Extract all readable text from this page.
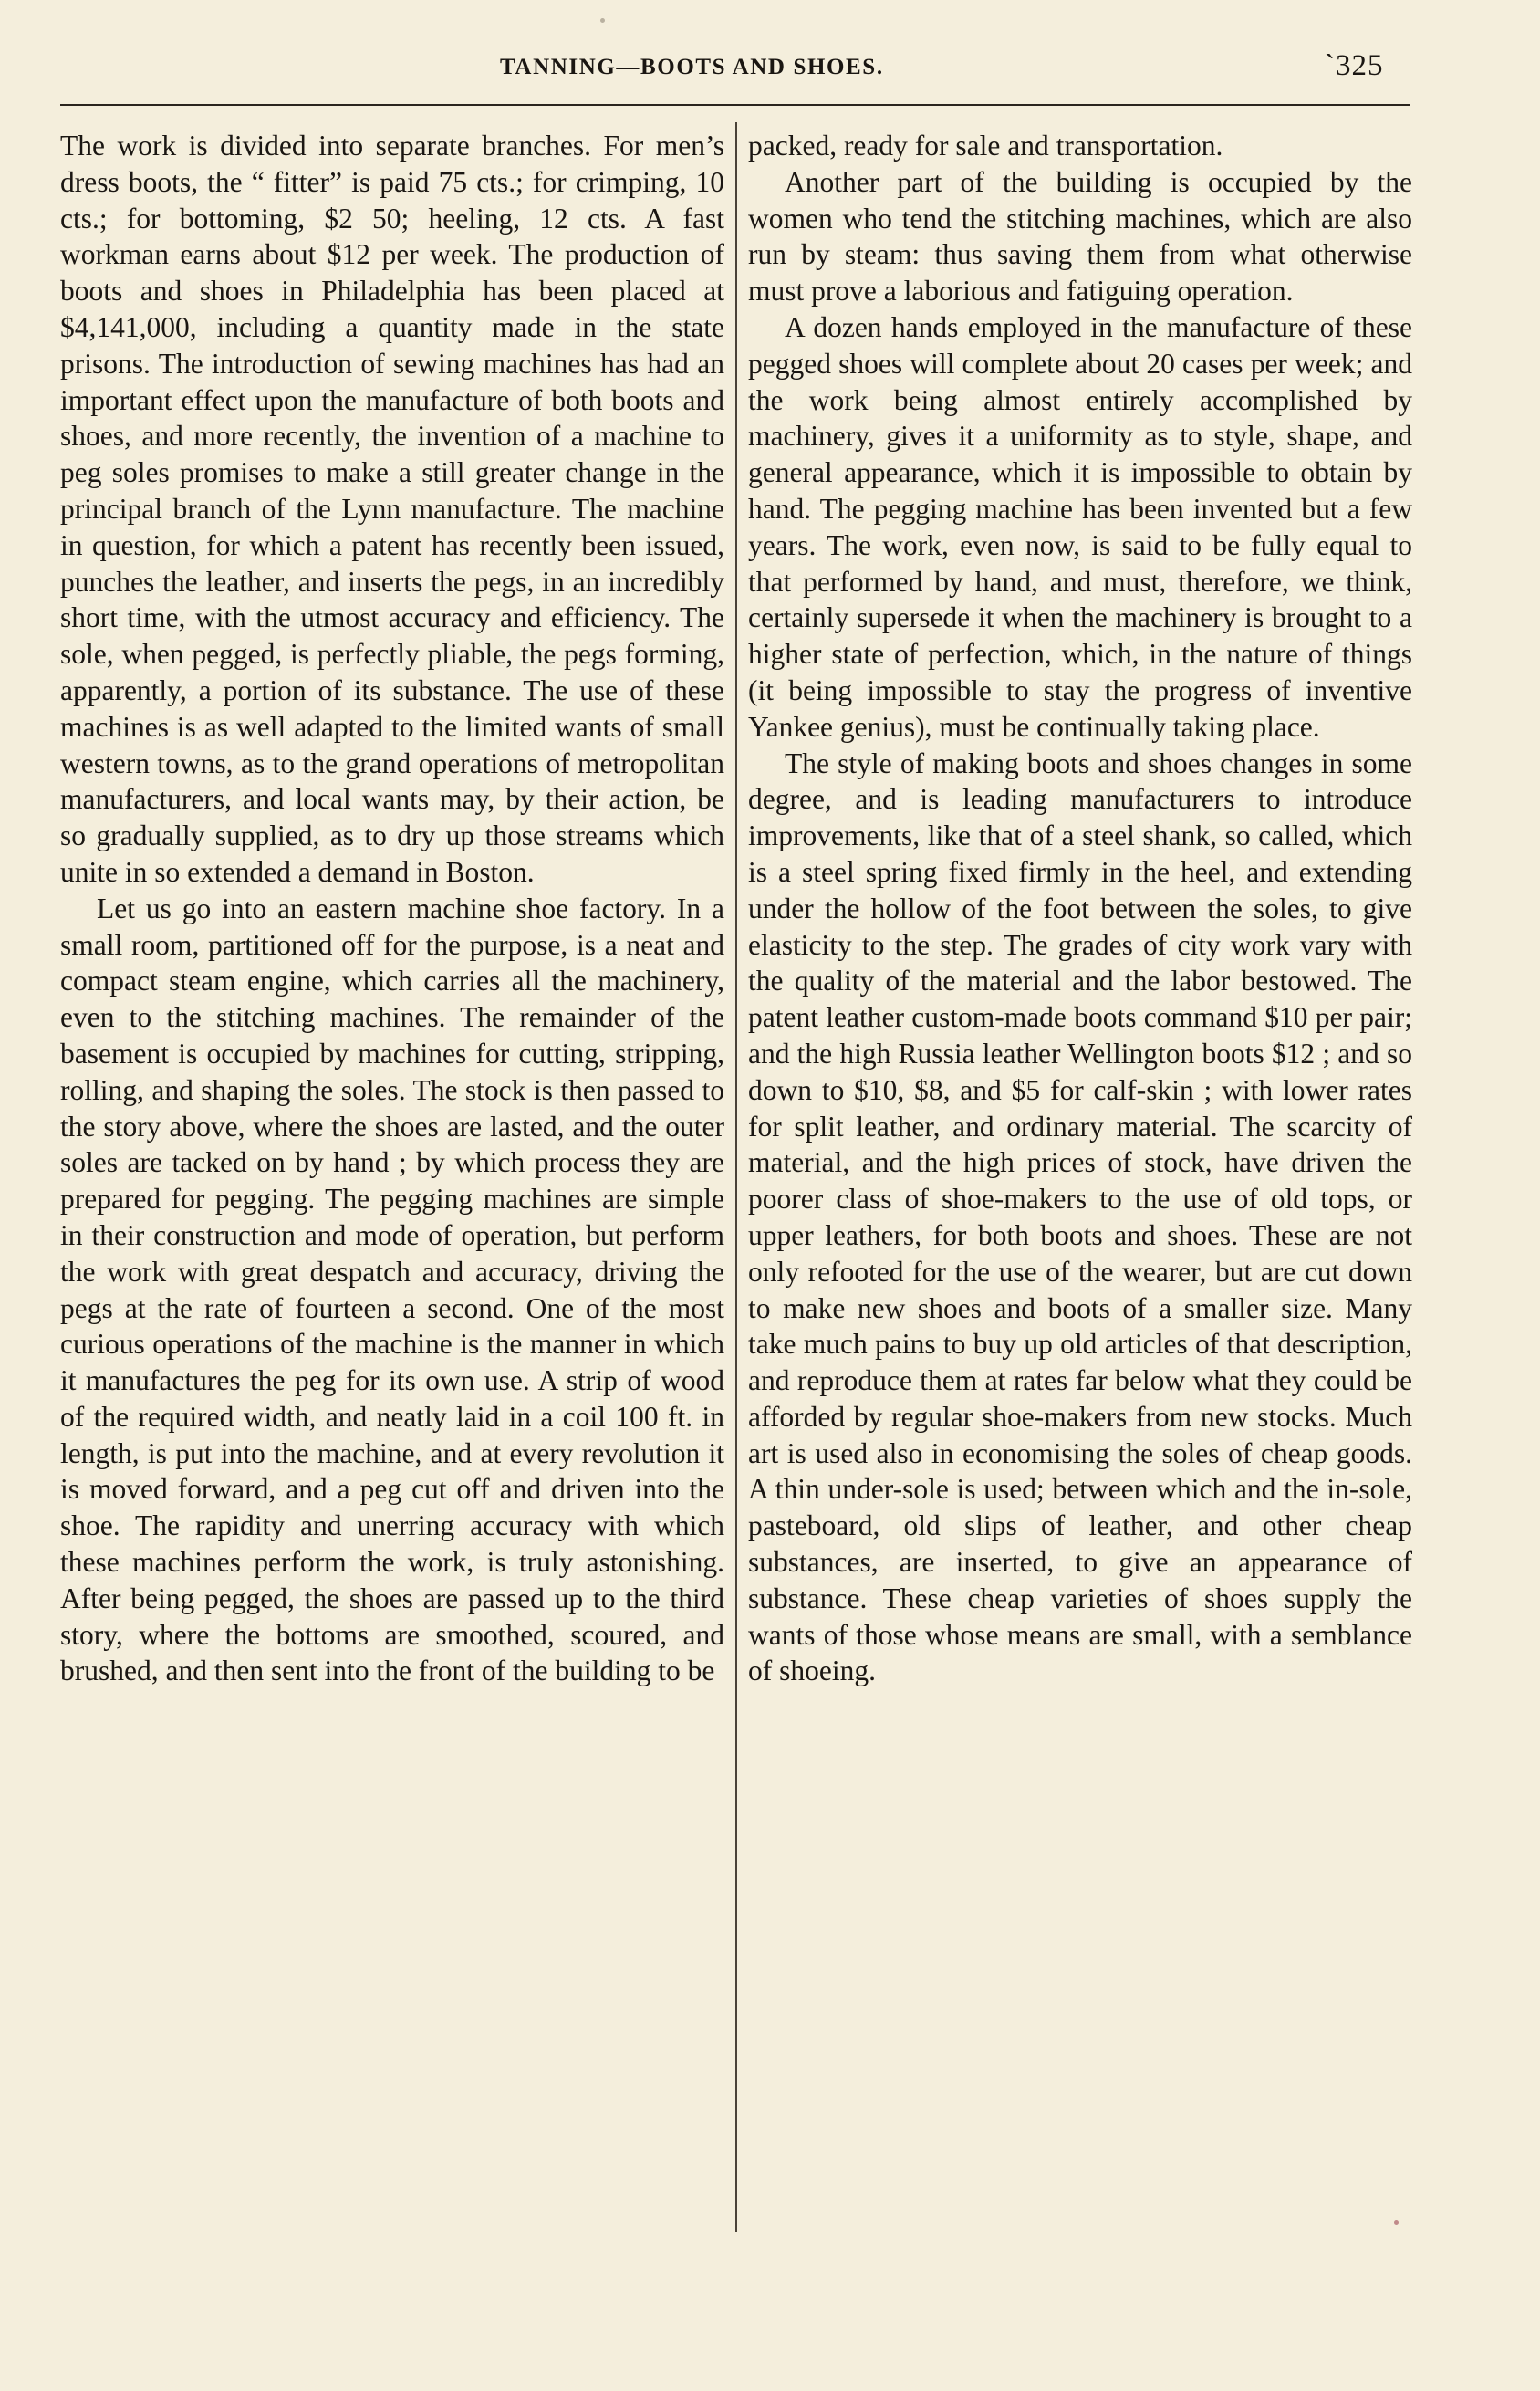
TANNING—BOOTS AND SHOES.	`325

The work is divided into separate branches. For men’s dress boots, the “ fitter” is paid 75 cts.; for crimping, 10 cts.; for bottoming, $2 50; heeling, 12 cts. A fast workman earns about $12 per week. The production of boots and shoes in Philadelphia has been placed at $4,141,000, including a quantity made in the state prisons. The introduction of sewing machines has had an important effect upon the manufacture of both boots and shoes, and more recently, the invention of a machine to peg soles promises to make a still greater change in the principal branch of the Lynn manufacture. The machine in question, for which a patent has recently been issued, punches the leather, and inserts the pegs, in an incredibly short time, with the utmost accuracy and efficiency. The sole, when pegged, is perfectly pliable, the pegs forming, apparently, a portion of its substance. The use of these machines is as well adapted to the limited wants of small western towns, as to the grand operations of metropolitan manufacturers, and local wants may, by their action, be so gradually supplied, as to dry up those streams which unite in so extended a demand in Boston.

Let us go into an eastern machine shoe factory. In a small room, partitioned off for the purpose, is a neat and compact steam engine, which carries all the machinery, even to the stitching machines. The remainder of the basement is occupied by machines for cutting, stripping, rolling, and shaping the soles. The stock is then passed to the story above, where the shoes are lasted, and the outer soles are tacked on by hand ; by which process they are prepared for pegging. The pegging machines are simple in their construction and mode of operation, but perform the work with great despatch and accuracy, driving the pegs at the rate of fourteen a second. One of the most curious operations of the machine is the manner in which it manufactures the peg for its own use. A strip of wood of the required width, and neatly laid in a coil 100 ft. in length, is put into the machine, and at every revolution it is moved forward, and a peg cut off and driven into the shoe. The rapidity and unerring accuracy with which these machines perform the work, is truly astonishing. After being pegged, the shoes are passed up to the third story, where the bottoms are smoothed, scoured, and brushed, and then sent into the front of the building to be

packed, ready for sale and transportation.

Another part of the building is occupied by the women who tend the stitching machines, which are also run by steam: thus saving them from what otherwise must prove a laborious and fatiguing operation.

A dozen hands employed in the manufacture of these pegged shoes will complete about 20 cases per week; and the work being almost entirely accomplished by machinery, gives it a uniformity as to style, shape, and general appearance, which it is impossible to obtain by hand. The pegging machine has been invented but a few years. The work, even now, is said to be fully equal to that performed by hand, and must, therefore, we think, certainly supersede it when the machinery is brought to a higher state of perfection, which, in the nature of things (it being impossible to stay the progress of inventive Yankee genius), must be continually taking place.

The style of making boots and shoes changes in some degree, and is leading manufacturers to introduce improvements, like that of a steel shank, so called, which is a steel spring fixed firmly in the heel, and extending under the hollow of the foot between the soles, to give elasticity to the step. The grades of city work vary with the quality of the material and the labor bestowed. The patent leather custom-made boots command $10 per pair; and the high Russia leather Wellington boots $12 ; and so down to $10, $8, and $5 for calf-skin ; with lower rates for split leather, and ordinary material. The scarcity of material, and the high prices of stock, have driven the poorer class of shoe-makers to the use of old tops, or upper leathers, for both boots and shoes. These are not only refooted for the use of the wearer, but are cut down to make new shoes and boots of a smaller size. Many take much pains to buy up old articles of that description, and reproduce them at rates far below what they could be afforded by regular shoe-makers from new stocks. Much art is used also in economising the soles of cheap goods. A thin under-sole is used; between which and the in-sole, pasteboard, old slips of leather, and other cheap substances, are inserted, to give an appearance of substance. These cheap varieties of shoes supply the wants of those whose means are small, with a semblance of shoeing.
